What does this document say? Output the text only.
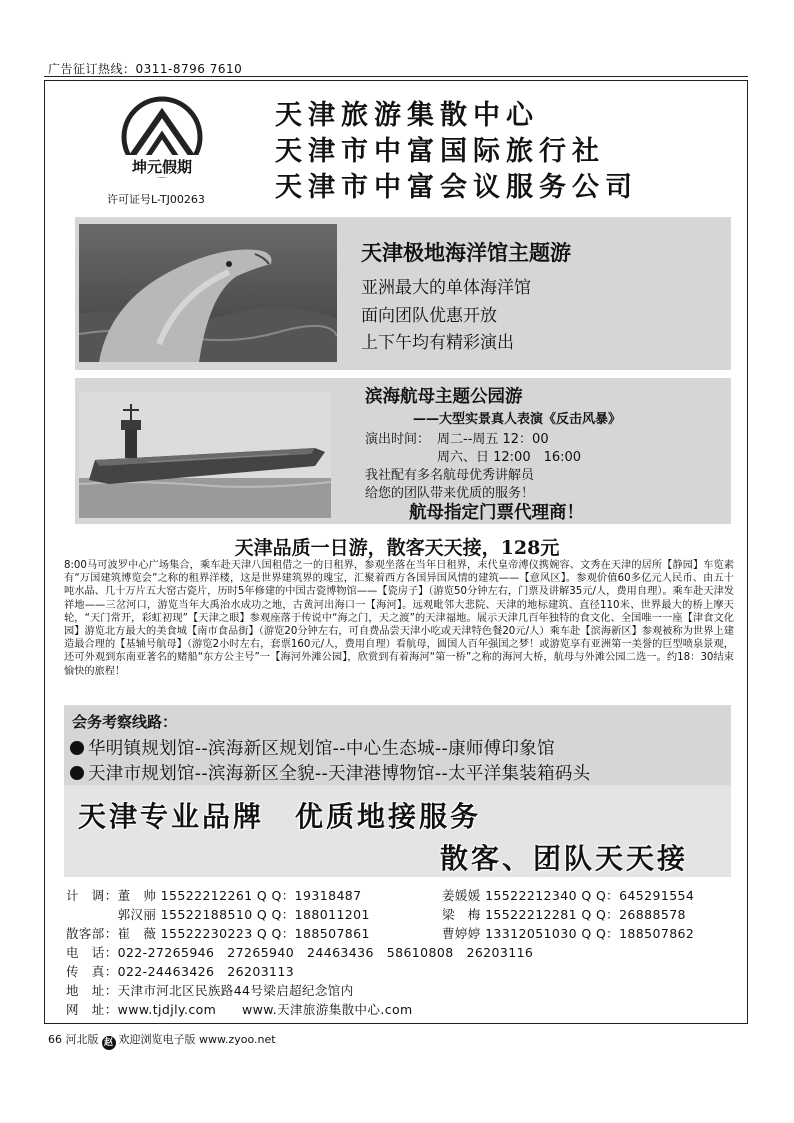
广告征订热线：0311-8796 7610
坤元假期
许可证号L-TJ00263
天津旅游集散中心
天津市中富国际旅行社
天津市中富会议服务公司
天津极地海洋馆主题游
亚洲最大的单体海洋馆
面向团队优惠开放
上下午均有精彩演出
滨海航母主题公园游
——大型实景真人表演《反击风暴》
演出时间： 周二--周五 12：00
周六、日 12:00　16:00
我社配有多名航母优秀讲解员
给您的团队带来优质的服务！
航母指定门票代理商！
天津品质一日游，散客天天接，128元
8:00马可波罗中心广场集合，乘车赴天津八国租借之一的日租界，参观坐落在当年日租界，末代皇帝溥仪携婉容、文秀在天津的居所【静园】车览素有“万国建筑博览会”之称的租界洋楼，这是世界建筑界的瑰宝，汇聚着西方各国异国风情的建筑——【意风区】。参观价值60多亿元人民币、由五十吨水晶、几十万片五大窑古瓷片，历时5年修建的中国古瓷博物馆——【瓷房子】（游览50分钟左右，门票及讲解35元/人，费用自理）。乘车赴天津发祥地——三岔河口，游览当年大禹治水成功之地，古黄河出海口一【海河】。远观毗邻大悲院、天津的地标建筑、直径110米、世界最大的桥上摩天轮，“天门常开，彩虹初现”【天津之眼】参观座落于传说中“海之门，天之渡”的天津福地。展示天津几百年独特的食文化、全国唯一一座【津食文化园】游览北方最大的美食城【南市食品街】（游览20分钟左右，可自费品尝天津小吃或天津特色餐20元/人）乘车赴【滨海新区】参观被称为世界上建造最合理的【基辅号航母】（游览2小时左右，套票160元/人，费用自理）看航母，圆国人百年强国之梦！或游览享有亚洲第一美誉的巨型喷泉景观，还可外观到东南亚著名的赌船“东方公主号”一【海河外滩公园】，欣赏到有着海河“第一桥”之称的海河大桥，航母与外滩公园二选一。约18：30结束愉快的旅程！
会务考察线路：
华明镇规划馆--滨海新区规划馆--中心生态城--康师傅印象馆
天津市规划馆--滨海新区全貌--天津港博物馆--太平洋集装箱码头
天津专业品牌　优质地接服务
散客、团队天天接
计　调：董　帅 15522212261 Q Q：19318487	姜媛媛 15522212340 Q Q：645291554
　　　　郭汉丽 15522188510 Q Q：188011201	梁　梅 15522212281 Q Q：26888578
散客部：崔　薇 15522230223 Q Q：188507861	曹婷婷 13312051030 Q Q：188507862
电　话：022-27265946　27265940　24463436　58610808　26203116
传　真：022-24463426　26203113
地　址：天津市河北区民族路44号梁启超纪念馆内
网　址：www.tjdjly.com　　www.天津旅游集散中心.com
66 河北版 赵 欢迎浏览电子版 www.zyoo.net
